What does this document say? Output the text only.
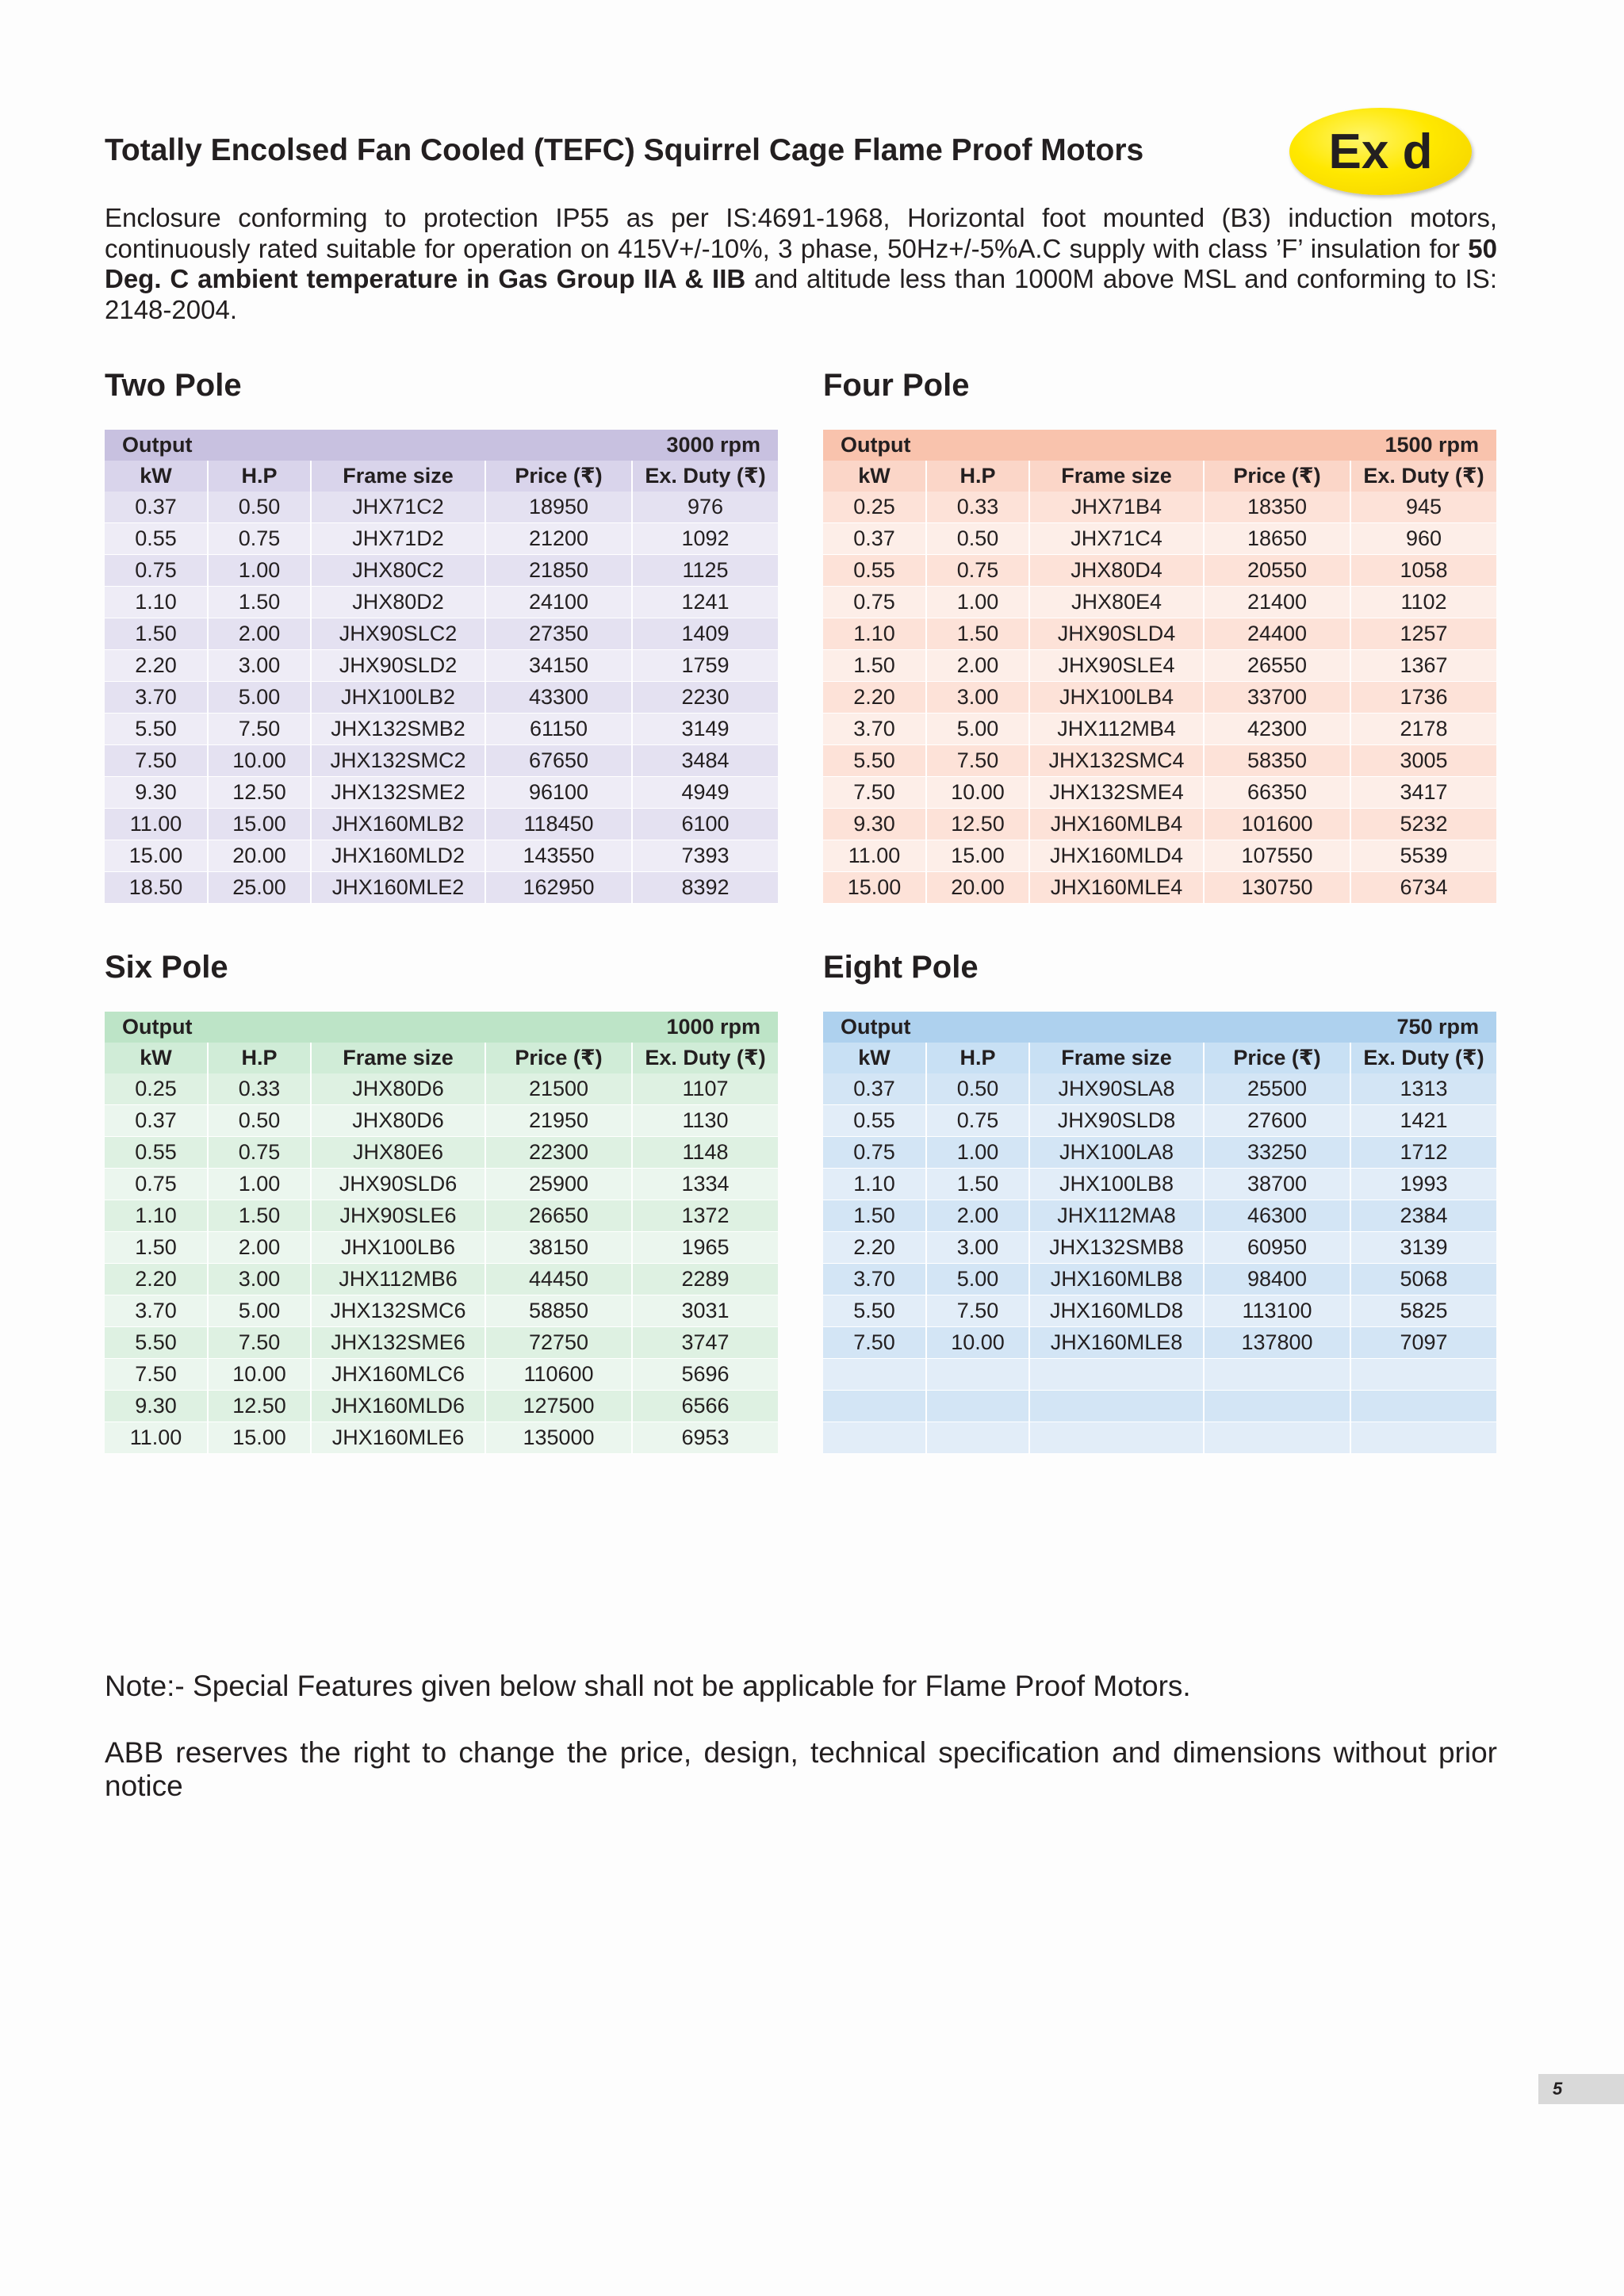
Totally Encolsed Fan Cooled (TEFC) Squirrel Cage Flame Proof Motors	Ex d

Enclosure conforming to protection IP55 as per IS:4691-1968, Horizontal foot mounted (B3) induction motors, continuously rated suitable for operation on 415V+/-10%, 3 phase, 50Hz+/-5%A.C supply with class ’F’ insulation for 50 Deg. C ambient temperature in Gas Group IIA & IIB and altitude less than 1000M above MSL and conforming to IS: 2148-2004.

Two Pole	Four Pole
Six Pole	Eight Pole
Output			3000 rpm	
kW	H.P	Frame size	Price (₹)	Ex. Duty (₹)
0.37	0.50	JHX71C2	18950	976
0.55	0.75	JHX71D2	21200	1092
0.75	1.00	JHX80C2	21850	1125
1.10	1.50	JHX80D2	24100	1241
1.50	2.00	JHX90SLC2	27350	1409
2.20	3.00	JHX90SLD2	34150	1759
3.70	5.00	JHX100LB2	43300	2230
5.50	7.50	JHX132SMB2	61150	3149
7.50	10.00	JHX132SMC2	67650	3484
9.30	12.50	JHX132SME2	96100	4949
11.00	15.00	JHX160MLB2	118450	6100
15.00	20.00	JHX160MLD2	143550	7393
18.50	25.00	JHX160MLE2	162950	8392
Output			1500 rpm	
kW	H.P	Frame size	Price (₹)	Ex. Duty (₹)
0.25	0.33	JHX71B4	18350	945
0.37	0.50	JHX71C4	18650	960
0.55	0.75	JHX80D4	20550	1058
0.75	1.00	JHX80E4	21400	1102
1.10	1.50	JHX90SLD4	24400	1257
1.50	2.00	JHX90SLE4	26550	1367
2.20	3.00	JHX100LB4	33700	1736
3.70	5.00	JHX112MB4	42300	2178
5.50	7.50	JHX132SMC4	58350	3005
7.50	10.00	JHX132SME4	66350	3417
9.30	12.50	JHX160MLB4	101600	5232
11.00	15.00	JHX160MLD4	107550	5539
15.00	20.00	JHX160MLE4	130750	6734
Output			1000 rpm	
kW	H.P	Frame size	Price (₹)	Ex. Duty (₹)
0.25	0.33	JHX80D6	21500	1107
0.37	0.50	JHX80D6	21950	1130
0.55	0.75	JHX80E6	22300	1148
0.75	1.00	JHX90SLD6	25900	1334
1.10	1.50	JHX90SLE6	26650	1372
1.50	2.00	JHX100LB6	38150	1965
2.20	3.00	JHX112MB6	44450	2289
3.70	5.00	JHX132SMC6	58850	3031
5.50	7.50	JHX132SME6	72750	3747
7.50	10.00	JHX160MLC6	110600	5696
9.30	12.50	JHX160MLD6	127500	6566
11.00	15.00	JHX160MLE6	135000	6953
Output			750 rpm	
kW	H.P	Frame size	Price (₹)	Ex. Duty (₹)
0.37	0.50	JHX90SLA8	25500	1313
0.55	0.75	JHX90SLD8	27600	1421
0.75	1.00	JHX100LA8	33250	1712
1.10	1.50	JHX100LB8	38700	1993
1.50	2.00	JHX112MA8	46300	2384
2.20	3.00	JHX132SMB8	60950	3139
3.70	5.00	JHX160MLB8	98400	5068
5.50	7.50	JHX160MLD8	113100	5825
7.50	10.00	JHX160MLE8	137800	7097

Note:- Special Features given below shall not be applicable for Flame Proof Motors.

ABB reserves the right to change the price, design, technical specification and dimensions without prior notice

5
